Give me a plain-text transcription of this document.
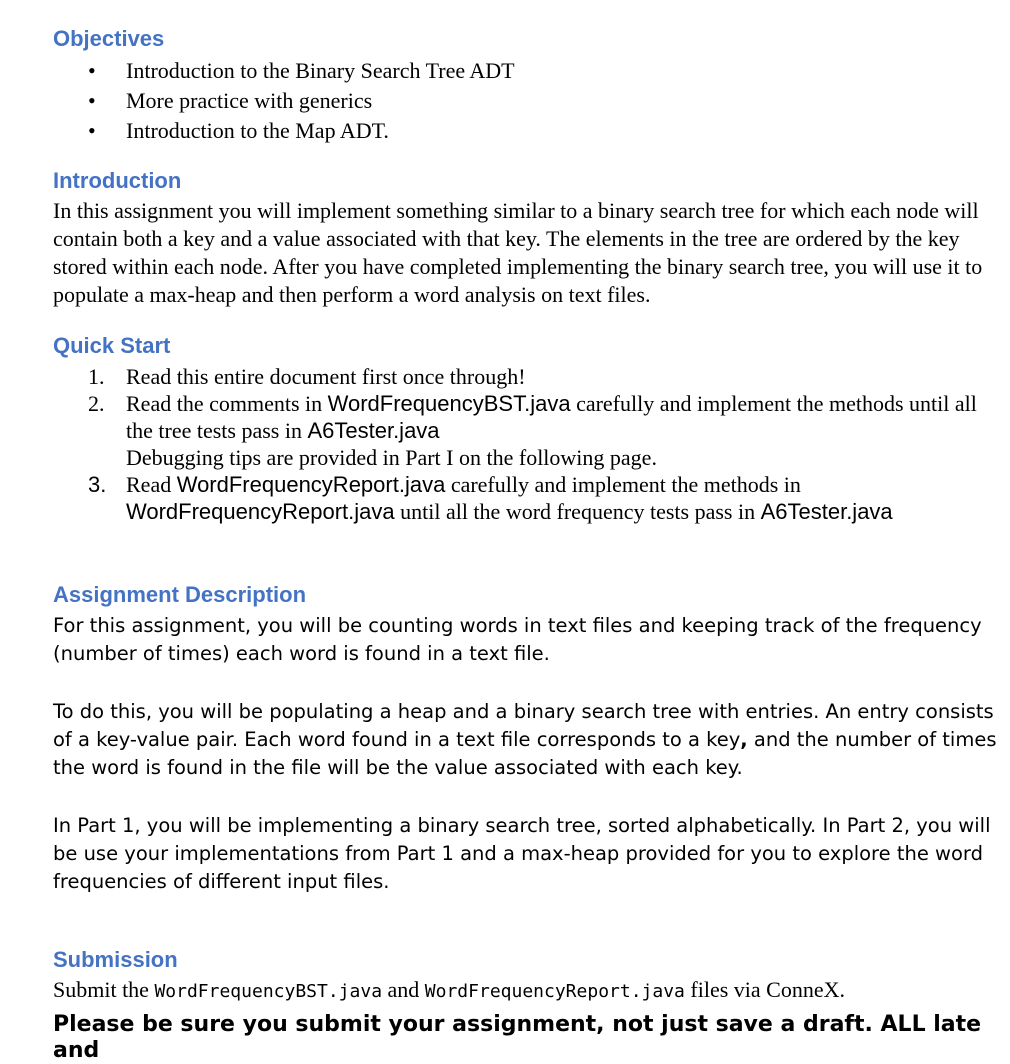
Objectives
• Introduction to the Binary Search Tree ADT
• More practice with generics
• Introduction to the Map ADT.
Introduction

In this assignment you will implement something similar to a binary search tree for which each node will contain both a key and a value associated with that key. The elements in the tree are ordered by the key stored within each node. After you have completed implementing the binary search tree, you will use it to populate a max-heap and then perform a word analysis on text files.

Quick Start
1. Read this entire document first once through!
2. Read the comments in WordFrequencyBST.java carefully and implement the methods until all the tree tests pass in A6Tester.java
Debugging tips are provided in Part I on the following page.
3. Read WordFrequencyReport.java carefully and implement the methods in WordFrequencyReport.java until all the word frequency tests pass in A6Tester.java
Assignment Description

For this assignment, you will be counting words in text files and keeping track of the frequency (number of times) each word is found in a text file.

To do this, you will be populating a heap and a binary search tree with entries. An entry consists of a key-value pair. Each word found in a text file corresponds to a key, and the number of times the word is found in the file will be the value associated with each key.

In Part 1, you will be implementing a binary search tree, sorted alphabetically. In Part 2, you will be use your implementations from Part 1 and a max-heap provided for you to explore the word frequencies of different input files.

Submission

Submit the WordFrequencyBST.java and WordFrequencyReport.java files via ConneX.

Please be sure you submit your assignment, not just save a draft. ALL late and
